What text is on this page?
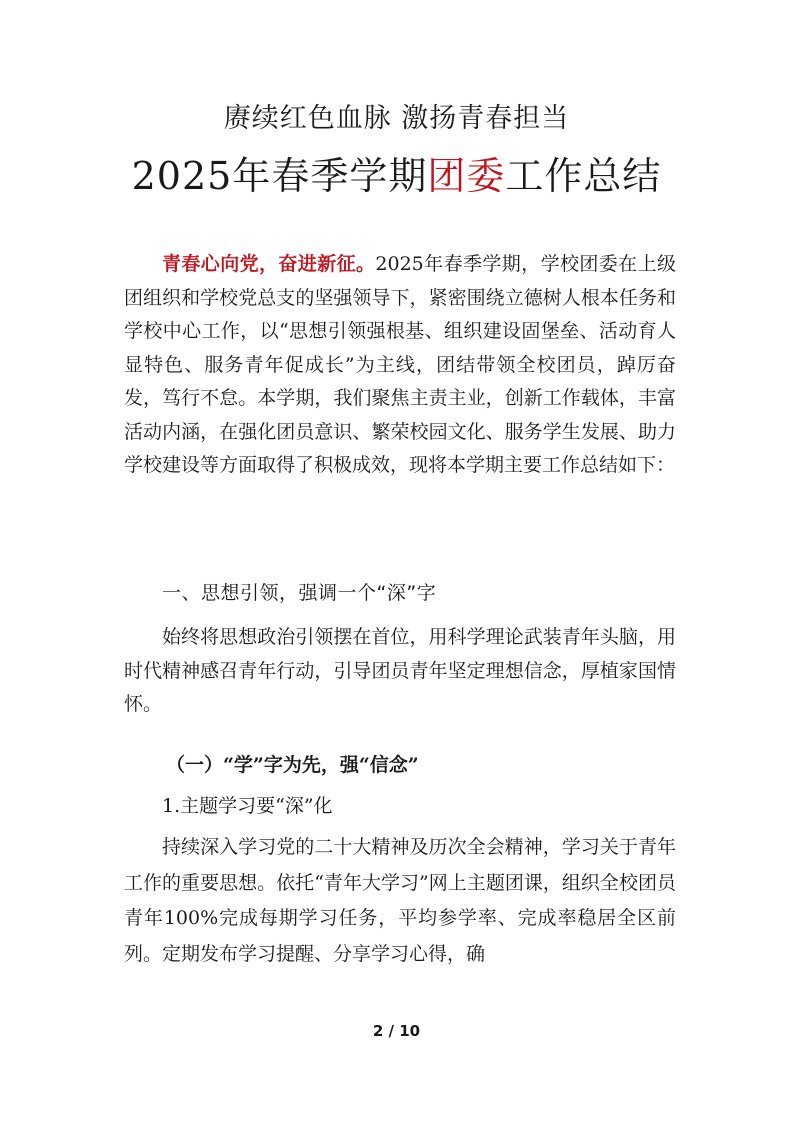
赓续红色血脉 激扬青春担当
2025年春季学期团委工作总结
青春心向党，奋进新征。2025年春季学期，学校团委在上级团组织和学校党总支的坚强领导下，紧密围绕立德树人根本任务和学校中心工作，以“思想引领强根基、组织建设固堡垒、活动育人显特色、服务青年促成长”为主线，团结带领全校团员，踔厉奋发，笃行不怠。本学期，我们聚焦主责主业，创新工作载体，丰富活动内涵，在强化团员意识、繁荣校园文化、服务学生发展、助力学校建设等方面取得了积极成效，现将本学期主要工作总结如下：
一、思想引领，强调一个“深”字
始终将思想政治引领摆在首位，用科学理论武装青年头脑，用时代精神感召青年行动，引导团员青年坚定理想信念，厚植家国情怀。
（一）“学”字为先，强“信念”
1.主题学习要“深”化
持续深入学习党的二十大精神及历次全会精神，学习关于青年工作的重要思想。依托“青年大学习”网上主题团课，组织全校团员青年100%完成每期学习任务，平均参学率、完成率稳居全区前列。定期发布学习提醒、分享学习心得，确
2 / 10
